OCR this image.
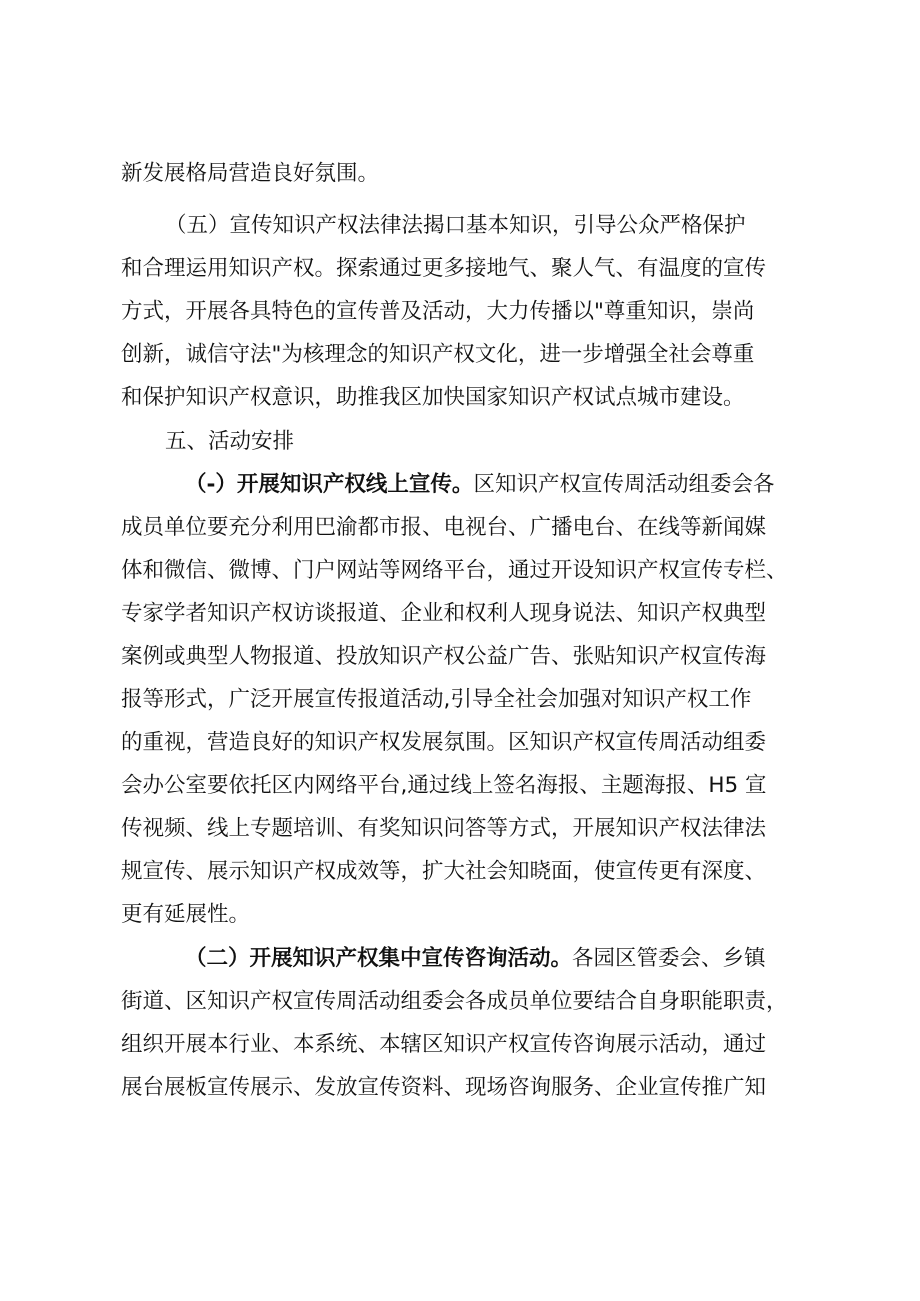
新发展格局营造良好氛围。
（五）宣传知识产权法律法揭口基本知识，引导公众严格保护
和合理运用知识产权。探索通过更多接地气、聚人气、有温度的宣传
方式，开展各具特色的宣传普及活动，大力传播以"尊重知识，崇尚
创新，诚信守法"为核理念的知识产权文化，进一步增强全社会尊重
和保护知识产权意识，助推我区加快国家知识产权试点城市建设。
五、活动安排
（-）开展知识产权线上宣传。区知识产权宣传周活动组委会各
成员单位要充分利用巴渝都市报、电视台、广播电台、在线等新闻媒
体和微信、微博、门户网站等网络平台，通过开设知识产权宣传专栏、
专家学者知识产权访谈报道、企业和权利人现身说法、知识产权典型
案例或典型人物报道、投放知识产权公益广告、张贴知识产权宣传海
报等形式，广泛开展宣传报道活动,引导全社会加强对知识产权工作
的重视，营造良好的知识产权发展氛围。区知识产权宣传周活动组委
会办公室要依托区内网络平台,通过线上签名海报、主题海报、H5 宣
传视频、线上专题培训、有奖知识问答等方式，开展知识产权法律法
规宣传、展示知识产权成效等，扩大社会知晓面，使宣传更有深度、
更有延展性。
（二）开展知识产权集中宣传咨询活动。各园区管委会、乡镇
街道、区知识产权宣传周活动组委会各成员单位要结合自身职能职责，
组织开展本行业、本系统、本辖区知识产权宣传咨询展示活动，通过
展台展板宣传展示、发放宣传资料、现场咨询服务、企业宣传推广知
